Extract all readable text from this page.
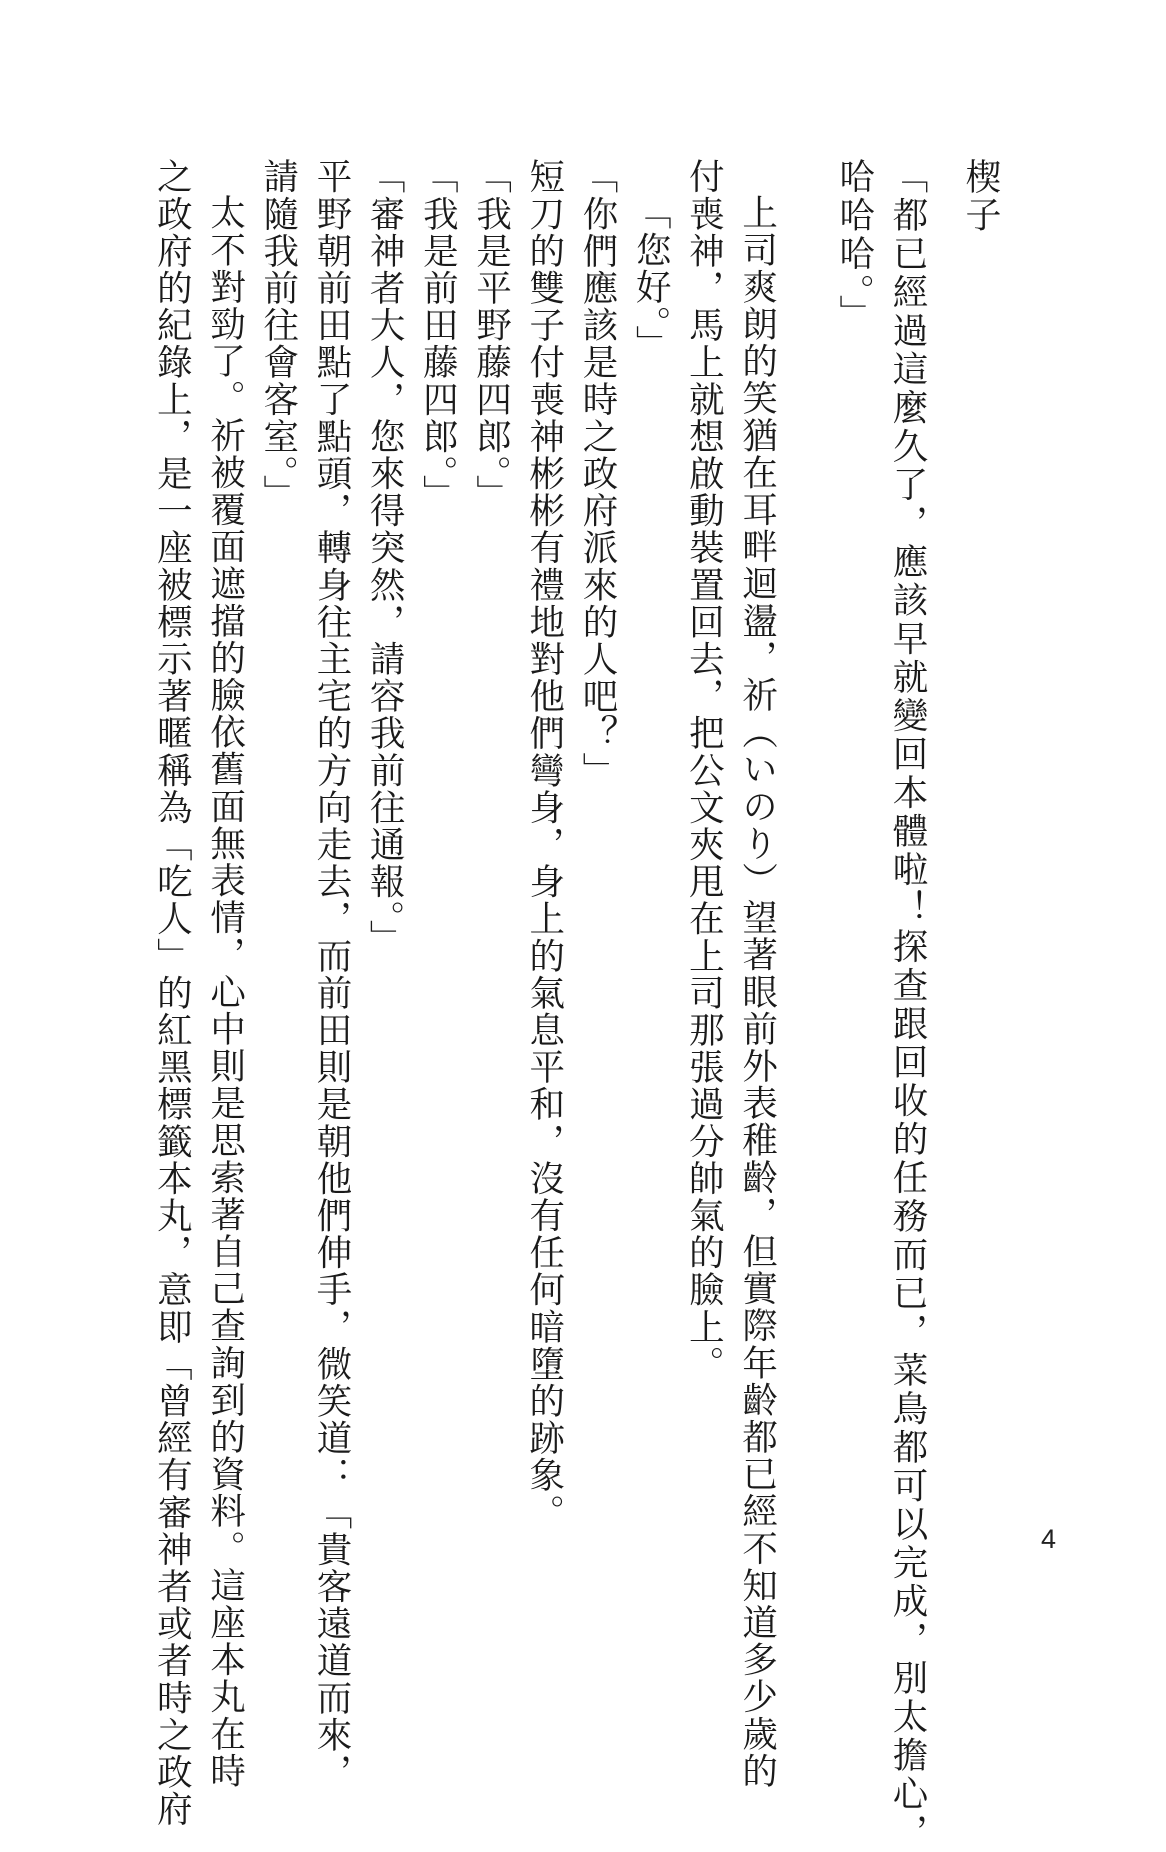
楔子

「都已經過這麼久了，應該早就變回本體啦！探查跟回收的任務而已，菜鳥都可以完成，別太擔心，

哈哈哈。」

上司爽朗的笑猶在耳畔迴盪，祈（いのり）望著眼前外表稚齡，但實際年齡都已經不知道多少歲的

付喪神，馬上就想啟動裝置回去，把公文夾甩在上司那張過分帥氣的臉上。

「您好。」

「你們應該是時之政府派來的人吧？」

短刀的雙子付喪神彬彬有禮地對他們彎身，身上的氣息平和，沒有任何暗墮的跡象。

「我是平野藤四郎。」

「我是前田藤四郎。」

「審神者大人，您來得突然，請容我前往通報。」

平野朝前田點了點頭，轉身往主宅的方向走去，而前田則是朝他們伸手，微笑道：「貴客遠道而來，

請隨我前往會客室。」

太不對勁了。祈被覆面遮擋的臉依舊面無表情，心中則是思索著自己查詢到的資料。這座本丸在時

之政府的紀錄上，是一座被標示著暱稱為「吃人」的紅黑標籤本丸，意即「曾經有審神者或者時之政府	4
